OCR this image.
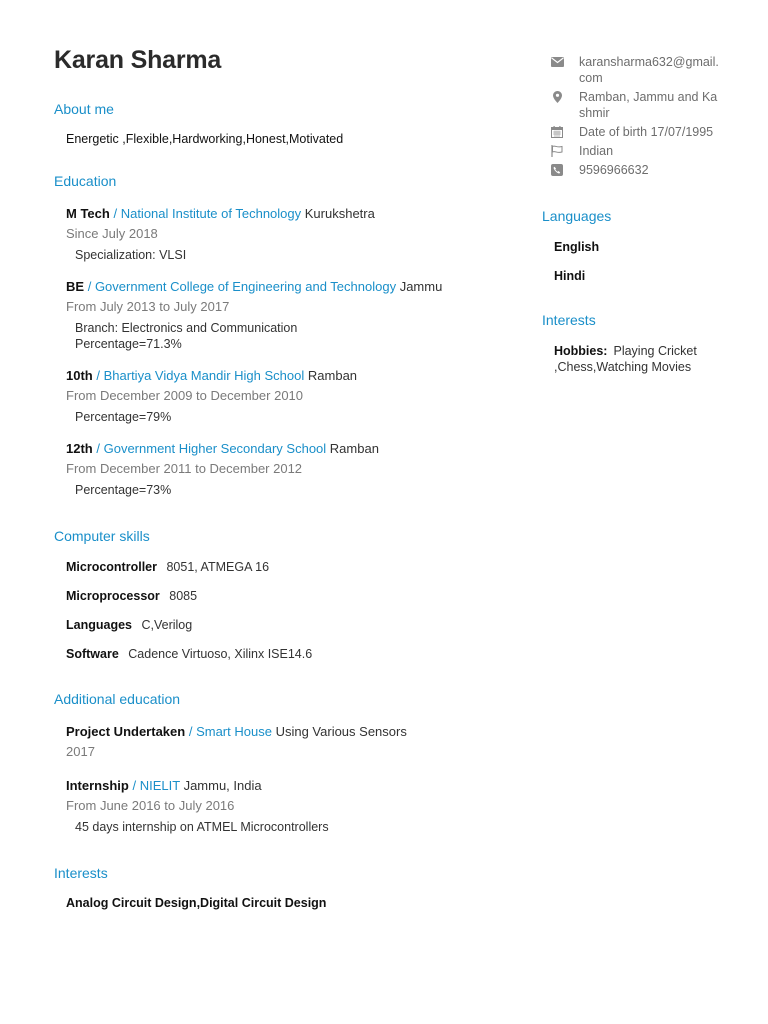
Karan Sharma
About me
Energetic ,Flexible,Hardworking,Honest,Motivated
Education
M Tech / National Institute of Technology Kurukshetra
Since July 2018
Specialization: VLSI
BE / Government College of Engineering and Technology Jammu
From July 2013 to July 2017
Branch: Electronics and Communication
Percentage=71.3%
10th / Bhartiya Vidya Mandir High School Ramban
From December 2009 to December 2010
Percentage=79%
12th / Government Higher Secondary School Ramban
From December 2011 to December 2012
Percentage=73%
Computer skills
Microcontroller 8051, ATMEGA 16
Microprocessor 8085
Languages C,Verilog
Software Cadence Virtuoso, Xilinx ISE14.6
Additional education
Project Undertaken / Smart House Using Various Sensors
2017
Internship / NIELIT Jammu, India
From June 2016 to July 2016
45 days internship on ATMEL Microcontrollers
Interests
Analog Circuit Design,Digital Circuit Design
karansharma632@gmail.com
Ramban, Jammu and Kashmir
Date of birth 17/07/1995
Indian
9596966632
Languages
English
Hindi
Interests
Hobbies: Playing Cricket ,Chess,Watching Movies
